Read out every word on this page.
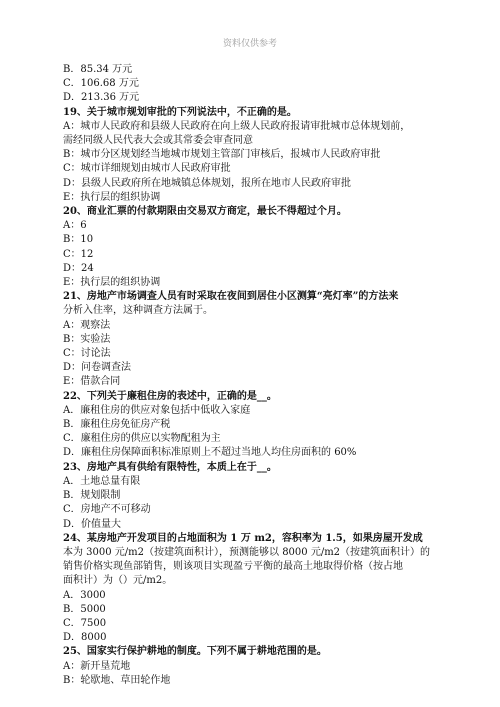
资料仅供参考

B．85.34 万元

C．106.68 万元

D．213.36 万元

19、关于城市规划审批的下列说法中，不正确的是。

A：城市人民政府和县级人民政府在向上级人民政府报请审批城市总体规划前，

需经同级人民代表大会或其常委会审查同意

B：城市分区规划经当地城市规划主管部门审核后，报城市人民政府审批

C：城市详细规划由城市人民政府审批

D：县级人民政府所在地城镇总体规划，报所在地市人民政府审批

E：执行层的组织协调

20、商业汇票的付款期限由交易双方商定，最长不得超过个月。

A：6

B：10

C：12

D：24

E：执行层的组织协调

21、房地产市场调查人员有时采取在夜间到居住小区测算“亮灯率”的方法来

分析入住率，这种调查方法属于。

A：观察法

B：实验法

C：讨论法

D：问卷调查法

E：借款合同

22、下列关于廉租住房的表述中，正确的是__。

A．廉租住房的供应对象包括中低收入家庭

B．廉租住房免征房产税

C．廉租住房的供应以实物配租为主

D．廉租住房保障面积标准原则上不超过当地人均住房面积的 60%

23、房地产具有供给有限特性，本质上在于__。

A．土地总量有限

B．规划限制

C．房地产不可移动

D．价值量大

24、某房地产开发项目的占地面积为 1 万 m2，容积率为 1.5，如果房屋开发成

本为 3000 元/m2（按建筑面积计），预测能够以 8000 元/m2（按建筑面积计）的

销售价格实现鱼部销售，则该项目实现盈亏平衡的最高土地取得价格（按占地

面积计）为（）元/m2。

A．3000

B．5000

C．7500

D．8000

25、国家实行保护耕地的制度。下列不属于耕地范围的是。

A：新开垦荒地

B：轮歇地、草田轮作地
